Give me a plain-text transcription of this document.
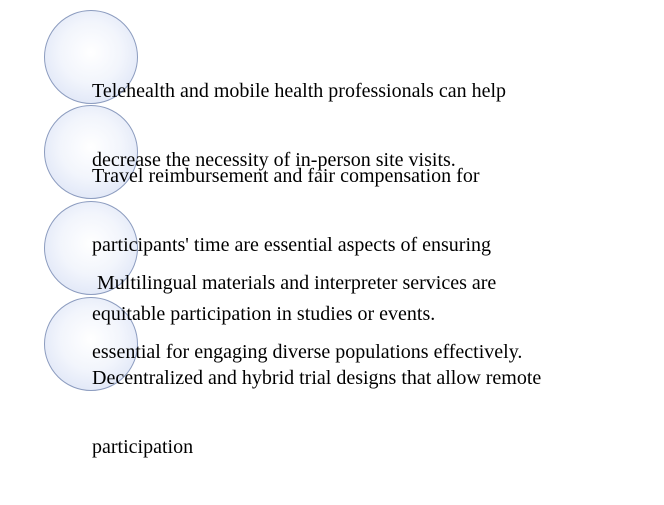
Telehealth and mobile health professionals can help

decrease the necessity of in-person site visits.

Travel reimbursement and fair compensation for

participants' time are essential aspects of ensuring

equitable participation in studies or events.

Multilingual materials and interpreter services are

essential for engaging diverse populations effectively.

Decentralized and hybrid trial designs that allow remote

participation
